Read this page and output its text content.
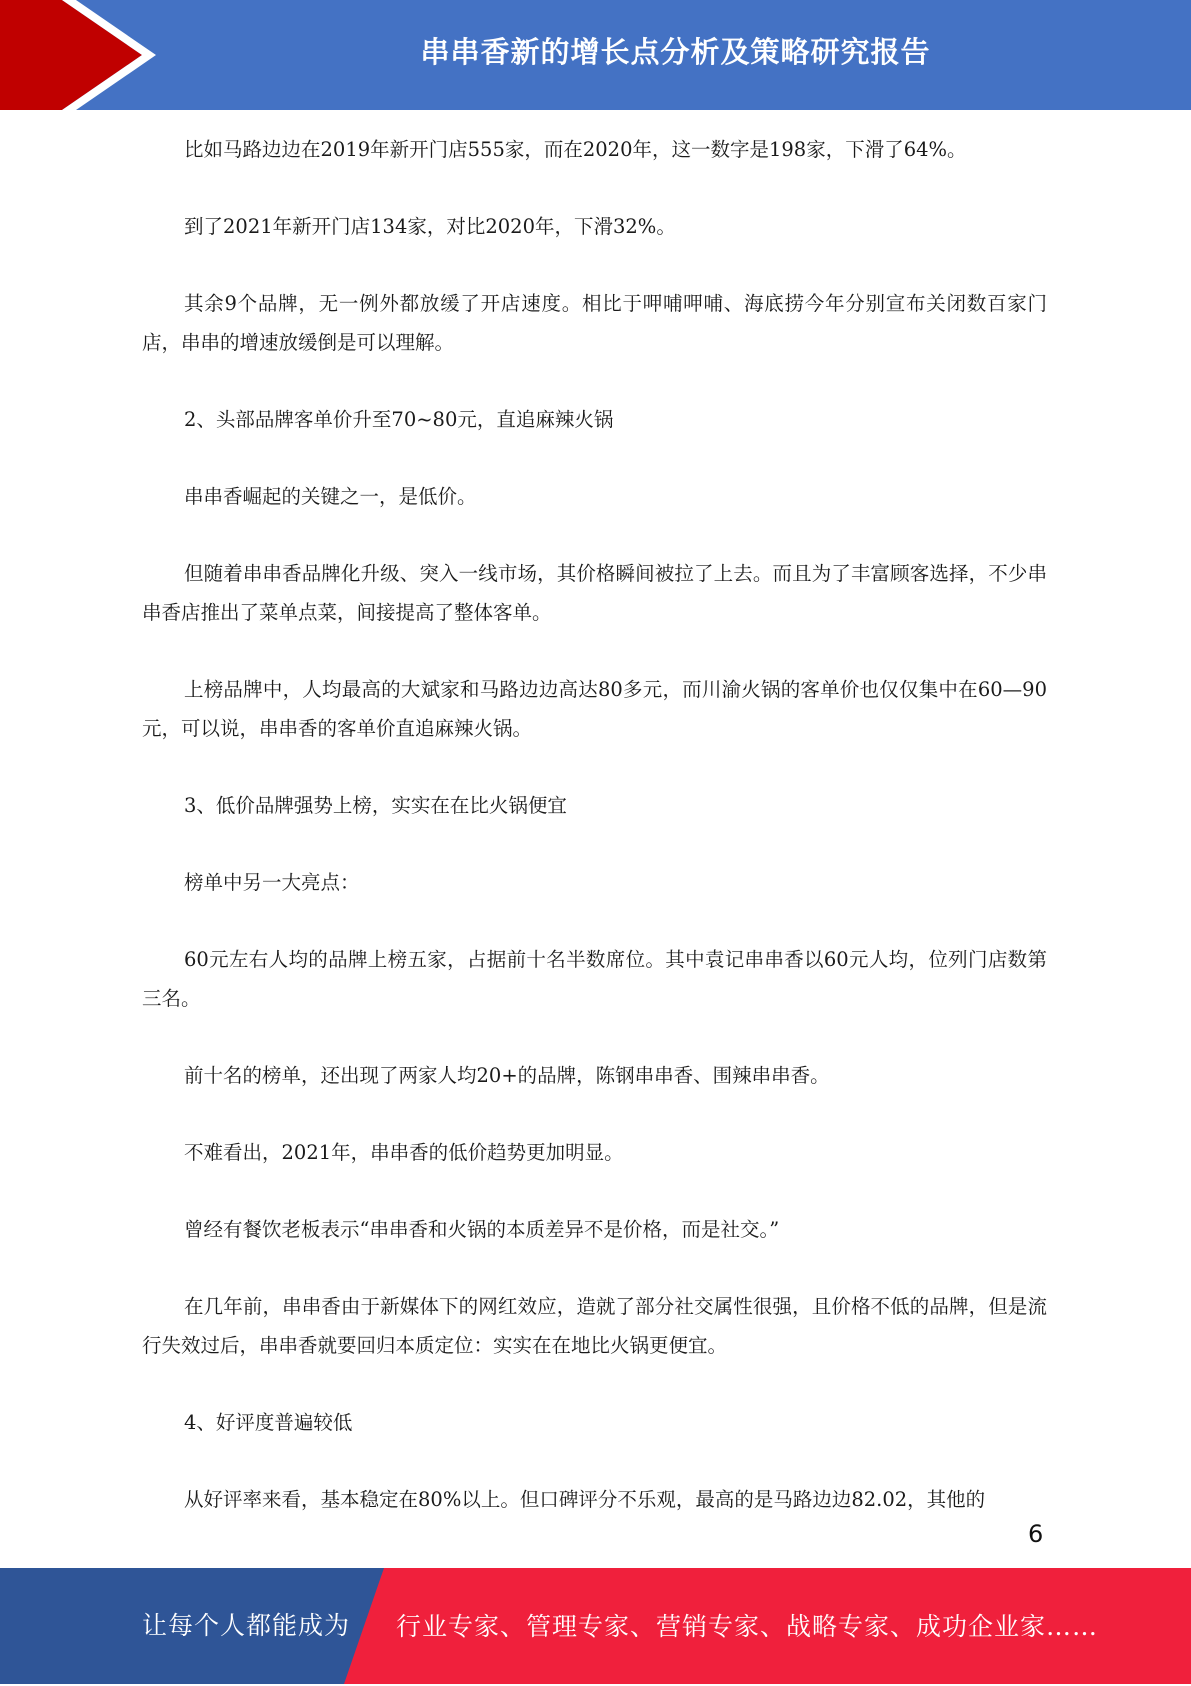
串串香新的增长点分析及策略研究报告

比如马路边边在2019年新开门店555家，而在2020年，这一数字是198家，下滑了64%。

到了2021年新开门店134家，对比2020年，下滑32%。

其余9个品牌，无一例外都放缓了开店速度。相比于呷哺呷哺、海底捞今年分别宣布关闭数百家门店，串串的增速放缓倒是可以理解。

2、头部品牌客单价升至70~80元，直追麻辣火锅

串串香崛起的关键之一，是低价。

但随着串串香品牌化升级、突入一线市场，其价格瞬间被拉了上去。而且为了丰富顾客选择，不少串串香店推出了菜单点菜，间接提高了整体客单。

上榜品牌中，人均最高的大斌家和马路边边高达80多元，而川渝火锅的客单价也仅仅集中在60—90元，可以说，串串香的客单价直追麻辣火锅。

3、低价品牌强势上榜，实实在在比火锅便宜

榜单中另一大亮点：

60元左右人均的品牌上榜五家，占据前十名半数席位。其中袁记串串香以60元人均，位列门店数第三名。

前十名的榜单，还出现了两家人均20+的品牌，陈钢串串香、围辣串串香。

不难看出，2021年，串串香的低价趋势更加明显。

曾经有餐饮老板表示“串串香和火锅的本质差异不是价格，而是社交。”

在几年前，串串香由于新媒体下的网红效应，造就了部分社交属性很强，且价格不低的品牌，但是流行失效过后，串串香就要回归本质定位：实实在在地比火锅更便宜。

4、好评度普遍较低

从好评率来看，基本稳定在80%以上。但口碑评分不乐观，最高的是马路边边82.02，其他的

6
让每个人都能成为 行业专家、管理专家、营销专家、战略专家、成功企业家……
